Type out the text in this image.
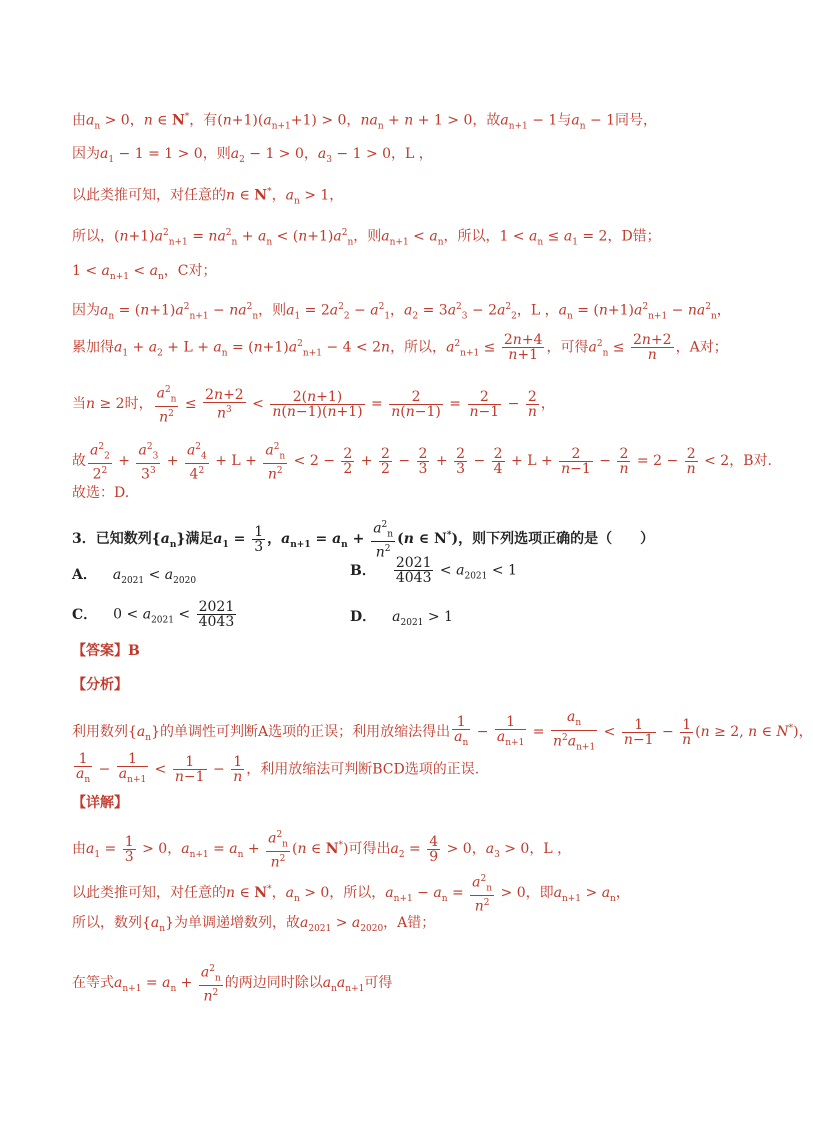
由$a_n > 0$，n ∈ N*，有$(n+1)(a_{n+1}+1) > 0$，$na_n + n + 1 > 0$，故$a_{n+1} - 1$与$a_n - 1$同号，
因为$a_1 - 1 = 1 > 0$，则$a_2 - 1 > 0$，$a_3 - 1 > 0$，L ，
以此类推可知，对任意的n ∈ N*，$a_n > 1$，
所以，$(n+1)a^2_{n+1} = na^2_n + a_n < (n+1)a^2_n$，则$a_{n+1} < a_n$，所以，$1 < a_n \le a_1 = 2$，D错；
$1 < a_{n+1} < a_n$，C对；
因为$a_n = (n+1)a^2_{n+1} - na^2_n$，则$a_1 = 2a^2_2 - a^2_1$，$a_2 = 3a^2_3 - 2a^2_2$，L ，$a_n = (n+1)a^2_{n+1} - na^2_n$，
累加得$a_1 + a_2 + L + a_n = (n+1)a^2_{n+1} - 4 < 2n$，所以，$a^2_{n+1} \le \frac{2n+4}{n+1}$ ，可得$a^2_n \le \frac{2n+2}{n}$ ，A对；
当n ≥ 2时， $\frac{a^2_n}{n^2} \le \frac{2n+2}{n^3} < \frac{2(n+1)}{n(n-1)(n+1)} = \frac{2}{n(n-1)} = \frac{2}{n-1} - \frac{2}{n}$ ，
故 $\frac{a^2_2}{2^2} + \frac{a^2_3}{3^3} + \frac{a^2_4}{4^2} + L + \frac{a^2_n}{n^2} < 2 - \frac{2}{2} + \frac{2}{2} - \frac{2}{3} + \frac{2}{3} - \frac{2}{4} + L + \frac{2}{n-1} - \frac{2}{n} = 2 - \frac{2}{n} < 2$，B对.
故选：D.
3．已知数列$\{a_n\}$满足$a_1 = \frac{1}{3}$ ，$a_{n+1} = a_n + \frac{a^2_n}{n^2} (n$ ∈ N*)，则下列选项正确的是（　　）
A． $a_{2021} < a_{2020}$
B． $\frac{2021}{4043} < a_{2021} < 1$
C． $0 < a_{2021} < \frac{2021}{4043}$	D． $a_{2021} > 1$
【答案】B
【分析】
利用数列$\{a_n\}$的单调性可判断A选项的正误；利用放缩法得出 $\frac{1}{a_n} - \frac{1}{a_{n+1}} = \frac{a_n}{n^2a_{n+1}} < \frac{1}{n-1} - \frac{1}{n} (n \ge 2$, n ∈ N*)，
$\frac{1}{a_n} - \frac{1}{a_{n+1}} < \frac{1}{n-1} - \frac{1}{n}$ ，利用放缩法可判断BCD选项的正误.
【详解】
由$a_1 = \frac{1}{3} > 0$，$a_{n+1} = a_n + \frac{a^2_n}{n^2} (n$ ∈ N*)可得出$a_2 = \frac{4}{9} > 0$，$a_3 > 0$，L ，
以此类推可知，对任意的n ∈ N*，$a_n > 0$，所以，$a_{n+1} - a_n = \frac{a^2_n}{n^2} > 0$，即$a_{n+1} > a_n$，
所以，数列$\{a_n\}$为单调递增数列，故$a_{2021} > a_{2020}$，A错；
在等式$a_{n+1} = a_n + \frac{a^2_n}{n^2}$ 的两边同时除以$a_na_{n+1}$可得
